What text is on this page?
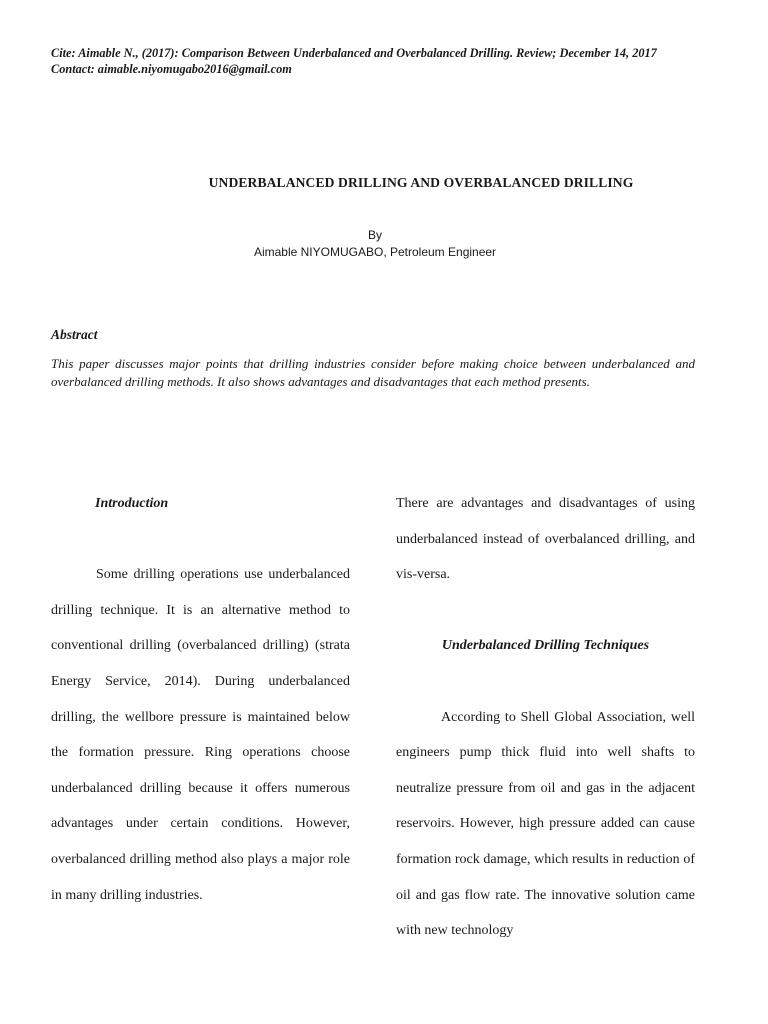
Cite: Aimable N., (2017): Comparison Between Underbalanced and Overbalanced Drilling. Review; December 14, 2017
Contact: aimable.niyomugabo2016@gmail.com
UNDERBALANCED DRILLING AND OVERBALANCED DRILLING
By
Aimable NIYOMUGABO, Petroleum Engineer
Abstract
This paper discusses major points that drilling industries consider before making choice between underbalanced and overbalanced drilling methods. It also shows advantages and disadvantages that each method presents.
Introduction
Some drilling operations use underbalanced drilling technique. It is an alternative method to conventional drilling (overbalanced drilling) (strata Energy Service, 2014). During underbalanced drilling, the wellbore pressure is maintained below the formation pressure. Ring operations choose underbalanced drilling because it offers numerous advantages under certain conditions. However, overbalanced drilling method also plays a major role in many drilling industries.
There are advantages and disadvantages of using underbalanced instead of overbalanced drilling, and vis-versa.
Underbalanced Drilling Techniques
According to Shell Global Association, well engineers pump thick fluid into well shafts to neutralize pressure from oil and gas in the adjacent reservoirs. However, high pressure added can cause formation rock damage, which results in reduction of oil and gas flow rate. The innovative solution came with new technology
